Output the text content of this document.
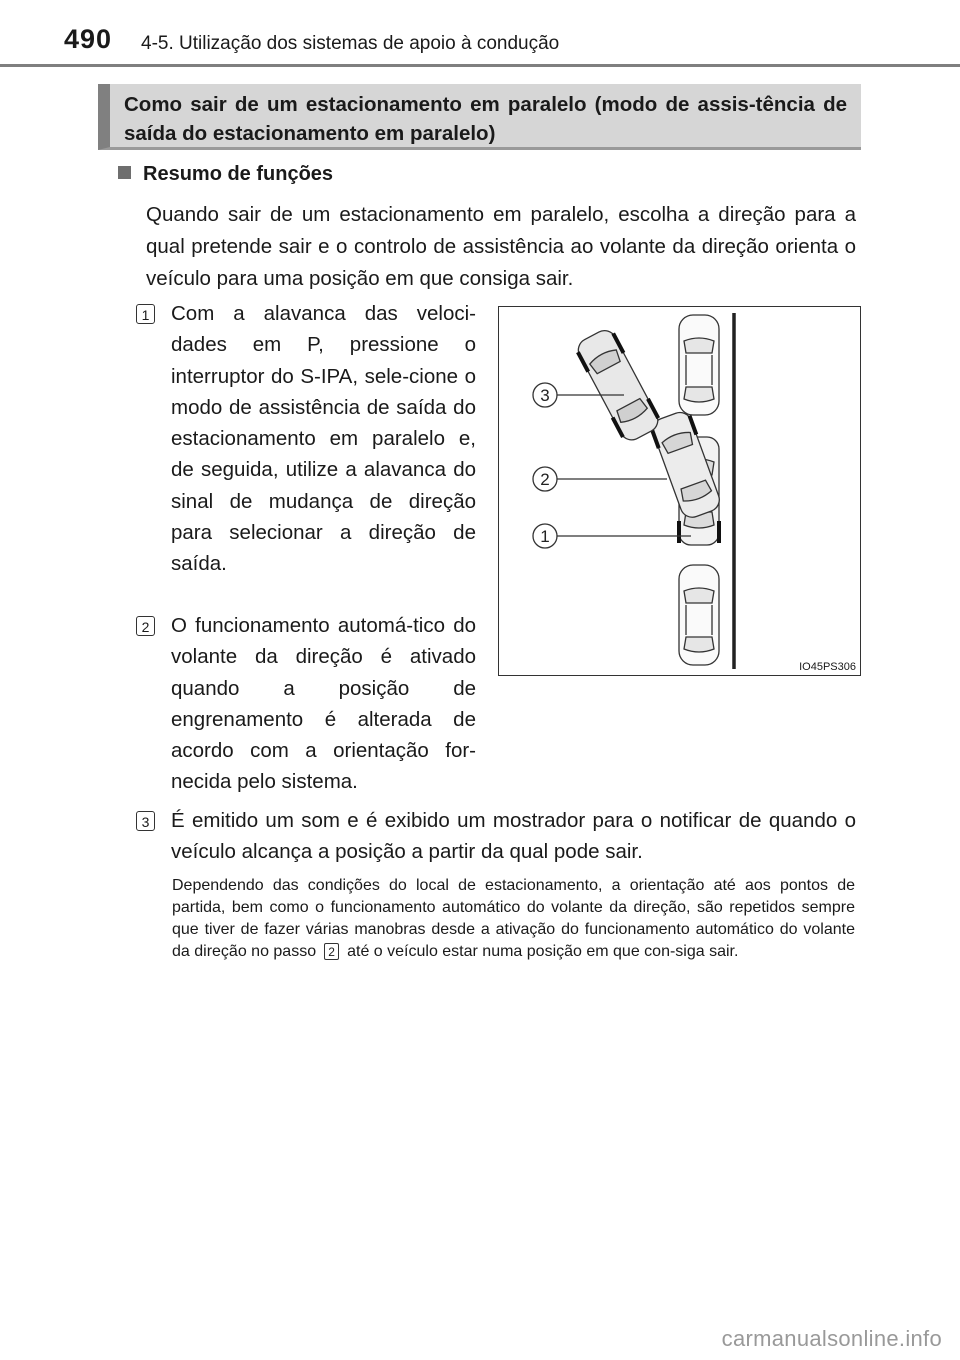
490 4-5. Utilização dos sistemas de apoio à condução
Como sair de um estacionamento em paralelo (modo de assis-tência de saída do estacionamento em paralelo)
Resumo de funções
Quando sair de um estacionamento em paralelo, escolha a direção para a qual pretende sair e o controlo de assistência ao volante da direção orienta o veículo para uma posição em que consiga sair.
1 Com a alavanca das veloci-dades em P, pressione o interruptor do S-IPA, sele-cione o modo de assistência de saída do estacionamento em paralelo e, de seguida, utilize a alavanca do sinal de mudança de direção para selecionar a direção de saída.
2 O funcionamento automá-tico do volante da direção é ativado quando a posição de engrenamento é alterada de acordo com a orientação for-necida pelo sistema.
3 É emitido um som e é exibido um mostrador para o notificar de quando o veículo alcança a posição a partir da qual pode sair.
Dependendo das condições do local de estacionamento, a orientação até aos pontos de partida, bem como o funcionamento automático do volante da direção, são repetidos sempre que tiver de fazer várias manobras desde a ativação do funcionamento automático do volante da direção no passo 2 até o veículo estar numa posição em que con-siga sair.
3
2
1
IO45PS306
carmanualsonline.info
